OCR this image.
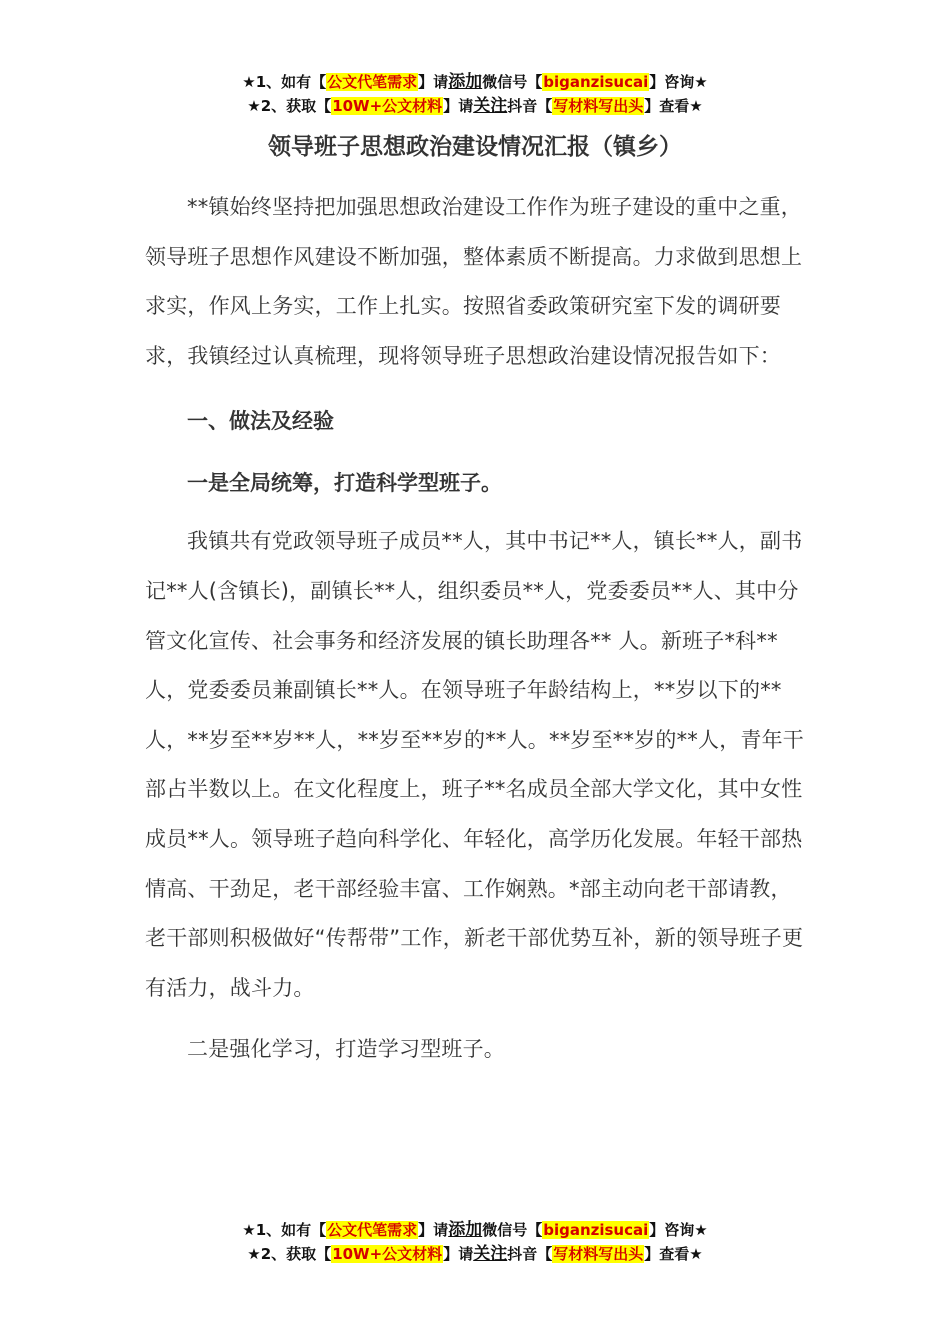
★1、如有【公文代笔需求】请添加微信号【biganzisucai】咨询★
★2、获取【10W+公文材料】请关注抖音【写材料写出头】查看★
领导班子思想政治建设情况汇报（镇乡）

**镇始终坚持把加强思想政治建设工作作为班子建设的重中之重，领导班子思想作风建设不断加强，整体素质不断提高。力求做到思想上求实，作风上务实，工作上扎实。按照省委政策研究室下发的调研要求，我镇经过认真梳理，现将领导班子思想政治建设情况报告如下：

一、做法及经验

一是全局统筹，打造科学型班子。

我镇共有党政领导班子成员**人，其中书记**人，镇长**人，副书记**人(含镇长)，副镇长**人，组织委员**人，党委委员**人、其中分管文化宣传、社会事务和经济发展的镇长助理各** 人。新班子*科**人，党委委员兼副镇长**人。在领导班子年龄结构上，**岁以下的**人，**岁至**岁**人，**岁至**岁的**人。**岁至**岁的**人，青年干部占半数以上。在文化程度上，班子**名成员全部大学文化，其中女性成员**人。领导班子趋向科学化、年轻化，高学历化发展。年轻干部热情高、干劲足，老干部经验丰富、工作娴熟。*部主动向老干部请教，老干部则积极做好“传帮带”工作，新老干部优势互补，新的领导班子更有活力，战斗力。

二是强化学习，打造学习型班子。

★1、如有【公文代笔需求】请添加微信号【biganzisucai】咨询★
★2、获取【10W+公文材料】请关注抖音【写材料写出头】查看★
